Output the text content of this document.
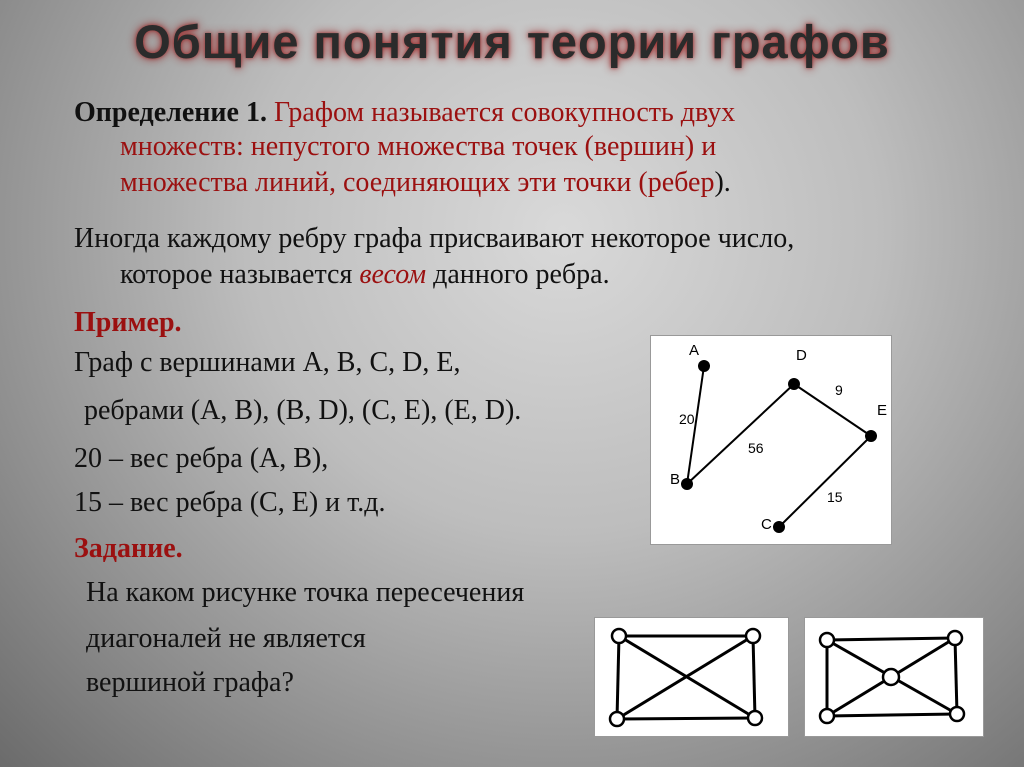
Общие понятия теории графов
Определение 1. Графом называется совокупность двух
множеств: непустого множества точек (вершин) и
множества линий, соединяющих эти точки (ребер).
Иногда каждому ребру графа присваивают некоторое число,
которое называется весом данного ребра.
Пример.
Граф с вершинами А, В, С, D, Е,
ребрами (А, В), (В, D), (С, Е), (Е, D).
20 – вес ребра (А, В),
15 – вес ребра (С, Е) и т.д.
Задание.
На каком рисунке точка пересечения
диагоналей не является
вершиной графа?
20
56
9
15
A
B
C
D
E
